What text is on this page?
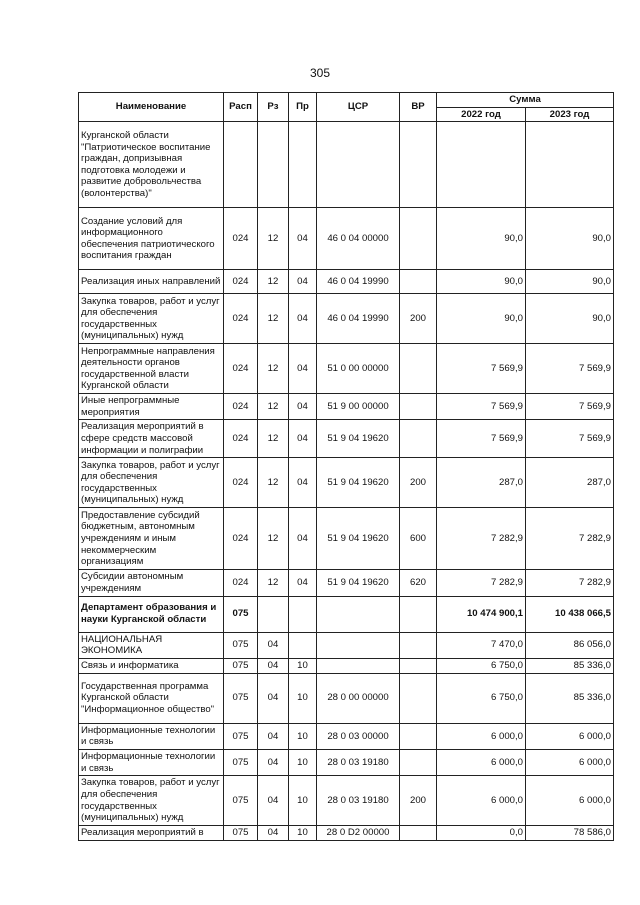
305
Наименование	Расп	Рз	Пр	ЦСР	ВР	Сумма	
						2022 год	2023 год
Курганской области "Патриотическое воспитание граждан, допризывная подготовка молодежи и развитие добровольчества (волонтерства)"							
Создание условий для информационного обеспечения патриотического воспитания граждан	024	12	04	46 0 04 00000		90,0	90,0
Реализация иных направлений	024	12	04	46 0 04 19990		90,0	90,0
Закупка товаров, работ и услуг для обеспечения государственных (муниципальных) нужд	024	12	04	46 0 04 19990	200	90,0	90,0
Непрограммные направления деятельности органов государственной власти Курганской области	024	12	04	51 0 00 00000		7 569,9	7 569,9
Иные непрограммные мероприятия	024	12	04	51 9 00 00000		7 569,9	7 569,9
Реализация мероприятий в сфере средств массовой информации и полиграфии	024	12	04	51 9 04 19620		7 569,9	7 569,9
Закупка товаров, работ и услуг для обеспечения государственных (муниципальных) нужд	024	12	04	51 9 04 19620	200	287,0	287,0
Предоставление субсидий бюджетным, автономным учреждениям и иным некоммерческим организациям	024	12	04	51 9 04 19620	600	7 282,9	7 282,9
Субсидии автономным учреждениям	024	12	04	51 9 04 19620	620	7 282,9	7 282,9
Департамент образования и науки Курганской области	075					10 474 900,1	10 438 066,5
НАЦИОНАЛЬНАЯ ЭКОНОМИКА	075	04				7 470,0	86 056,0
Связь и информатика	075	04	10			6 750,0	85 336,0
Государственная программа Курганской области "Информационное общество"	075	04	10	28 0 00 00000		6 750,0	85 336,0
Информационные технологии и связь	075	04	10	28 0 03 00000		6 000,0	6 000,0
Информационные технологии и связь	075	04	10	28 0 03 19180		6 000,0	6 000,0
Закупка товаров, работ и услуг для обеспечения государственных (муниципальных) нужд	075	04	10	28 0 03 19180	200	6 000,0	6 000,0
Реализация мероприятий в	075	04	10	28 0 D2 00000		0,0	78 586,0
